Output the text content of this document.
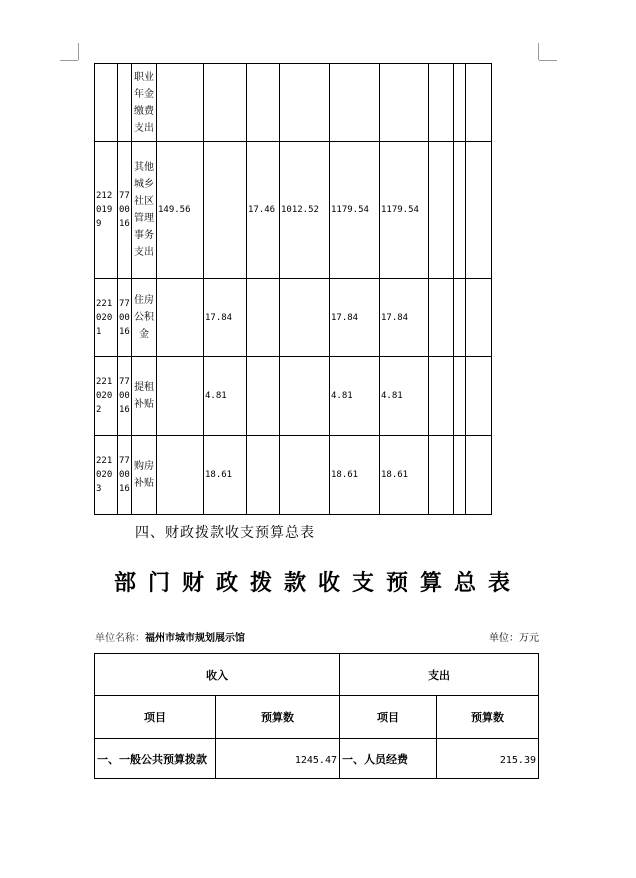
		职业年金缴费支出									

2120199	770016	其他城乡社区管理事务支出	149.56		17.46	1012.52	1179.54	1179.54			
2210201	770016	住房公积金		17.84			17.84	17.84			
2210202	770016	提租补贴		4.81			4.81	4.81			
2210203	770016	购房补贴		18.61			18.61	18.61			
四、财政拨款收支预算总表
部门财政拨款收支预算总表
单位名称：福州市城市规划展示馆	单位：万元
收入		支出	
项目	预算数	项目	预算数
一、一般公共预算拨款	1245.47	一、人员经费	215.39
